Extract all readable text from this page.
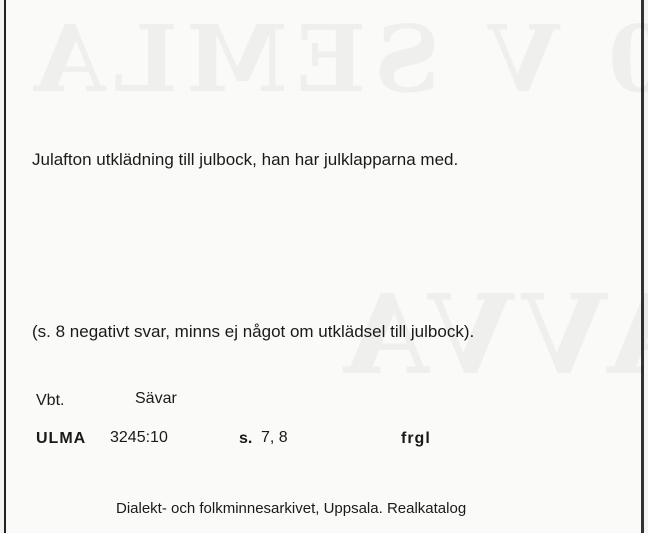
Julafton utklädning till julbock, han har julklapparna med.
(s. 8 negativt svar, minns ej något om utklädsel till julbock).
Vbt.	Sävar
ULMA 3245:10	s. 7, 8	frgl
Dialekt- och folkminnesarkivet, Uppsala. Realkatalog
